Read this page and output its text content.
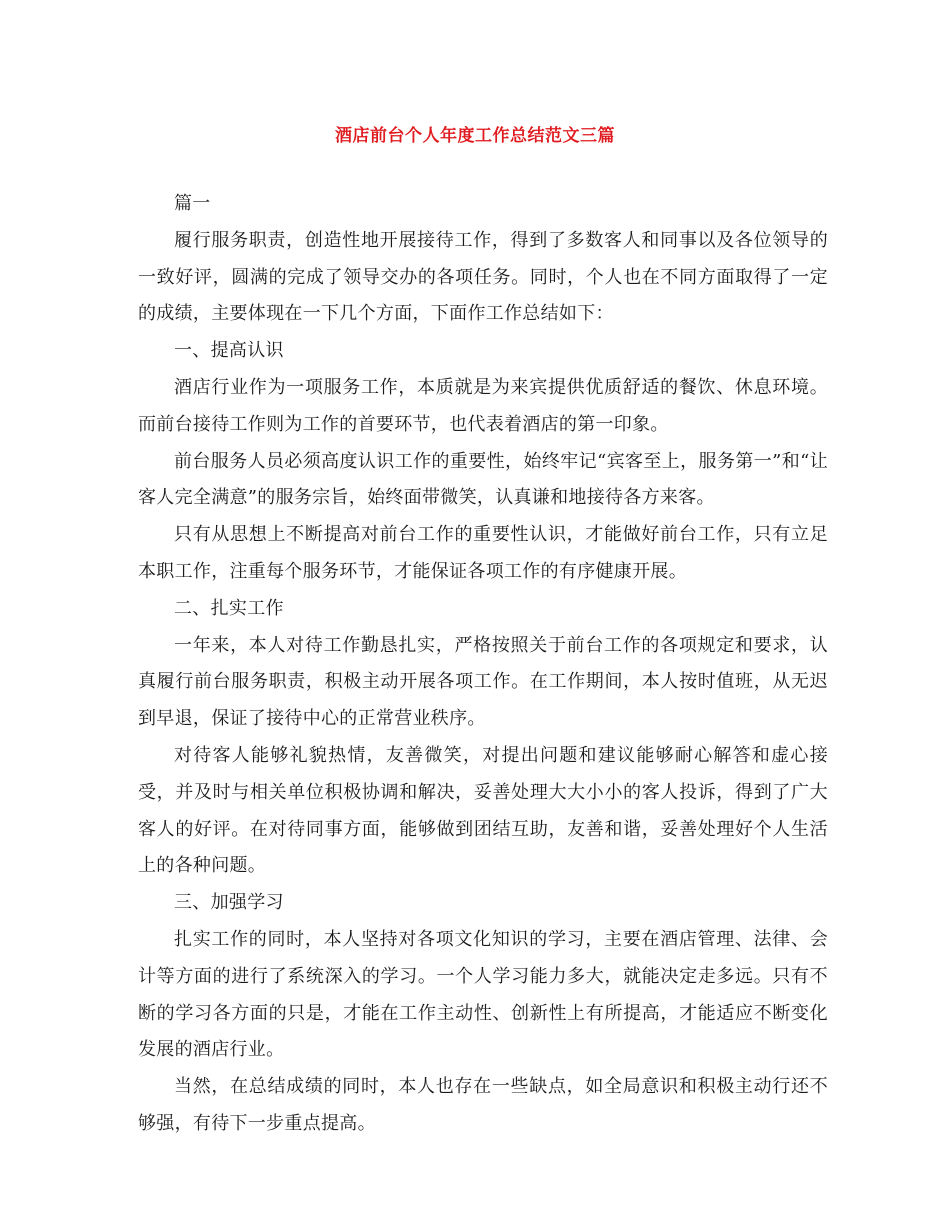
酒店前台个人年度工作总结范文三篇

篇一

履行服务职责，创造性地开展接待工作，得到了多数客人和同事以及各位领导的一致好评，圆满的完成了领导交办的各项任务。同时，个人也在不同方面取得了一定的成绩，主要体现在一下几个方面，下面作工作总结如下：

一、提高认识

酒店行业作为一项服务工作，本质就是为来宾提供优质舒适的餐饮、休息环境。而前台接待工作则为工作的首要环节，也代表着酒店的第一印象。

前台服务人员必须高度认识工作的重要性，始终牢记“宾客至上，服务第一”和“让客人完全满意”的服务宗旨，始终面带微笑，认真谦和地接待各方来客。

只有从思想上不断提高对前台工作的重要性认识，才能做好前台工作，只有立足本职工作，注重每个服务环节，才能保证各项工作的有序健康开展。

二、扎实工作

一年来，本人对待工作勤恳扎实，严格按照关于前台工作的各项规定和要求，认真履行前台服务职责，积极主动开展各项工作。在工作期间，本人按时值班，从无迟到早退，保证了接待中心的正常营业秩序。

对待客人能够礼貌热情，友善微笑，对提出问题和建议能够耐心解答和虚心接受，并及时与相关单位积极协调和解决，妥善处理大大小小的客人投诉，得到了广大客人的好评。在对待同事方面，能够做到团结互助，友善和谐，妥善处理好个人生活上的各种问题。

三、加强学习

扎实工作的同时，本人坚持对各项文化知识的学习，主要在酒店管理、法律、会计等方面的进行了系统深入的学习。一个人学习能力多大，就能决定走多远。只有不断的学习各方面的只是，才能在工作主动性、创新性上有所提高，才能适应不断变化发展的酒店行业。

当然，在总结成绩的同时，本人也存在一些缺点，如全局意识和积极主动行还不够强，有待下一步重点提高。
